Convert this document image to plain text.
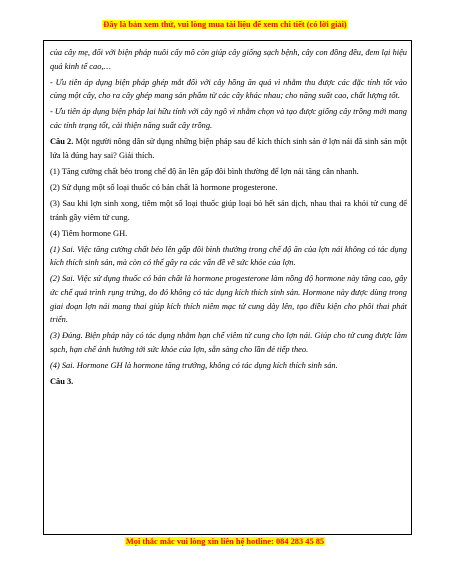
Đây là bản xem thử, vui lòng mua tài liệu để xem chi tiết (có lời giải)

của cây mẹ, đối với biện pháp nuôi cấy mô còn giúp cây giống sạch bệnh, cây con đồng đều, đem lại hiệu quả kinh tế cao,…

- Ưu tiên áp dụng biện pháp ghép mắt đối với cây hồng ăn quả vì nhằm thu được các đặc tính tốt vào cùng một cây, cho ra cây ghép mang sản phẩm từ các cây khác nhau; cho năng suất cao, chất lượng tốt.

- Ưu tiên áp dụng biện pháp lai hữu tính với cây ngô vì nhằm chọn và tạo được giống cây trồng mới mang các tính trạng tốt, cải thiện năng suất cây trồng.

Câu 2. Một người nông dân sử dụng những biện pháp sau để kích thích sinh sản ở lợn nái đã sinh sản một lứa là đúng hay sai? Giải thích.

(1) Tăng cường chất béo trong chế độ ăn lên gấp đôi bình thường để lợn nái tăng cân nhanh.

(2) Sử dụng một số loại thuốc có bản chất là hormone progesterone.

(3) Sau khi lợn sinh xong, tiêm một số loại thuốc giúp loại bỏ hết sản dịch, nhau thai ra khỏi tử cung để tránh gây viêm tử cung.

(4) Tiêm hormone GH.

(1) Sai. Việc tăng cường chất béo lên gấp đôi bình thường trong chế độ ăn của lợn nái không có tác dụng kích thích sinh sản, mà còn có thể gây ra các vấn đề về sức khỏe của lợn.

(2) Sai. Việc sử dụng thuốc có bản chất là hormone progesterone làm nồng độ hormone này tăng cao, gây ức chế quá trình rụng trứng, do đó không có tác dụng kích thích sinh sản. Hormone này được dùng trong giai đoạn lợn nái mang thai giúp kích thích niêm mạc tử cung dày lên, tạo điều kiện cho phôi thai phát triển.

(3) Đúng. Biện pháp này có tác dụng nhằm hạn chế viêm tử cung cho lợn nái. Giúp cho tử cung được làm sạch, hạn chế ảnh hưởng tới sức khỏe của lợn, sẵn sàng cho lần đẻ tiếp theo.

(4) Sai. Hormone GH là hormone tăng trưởng, không có tác dụng kích thích sinh sản.

Câu 3.

Mọi thắc mắc vui lòng xin liên hệ hotline: 084 283 45 85
